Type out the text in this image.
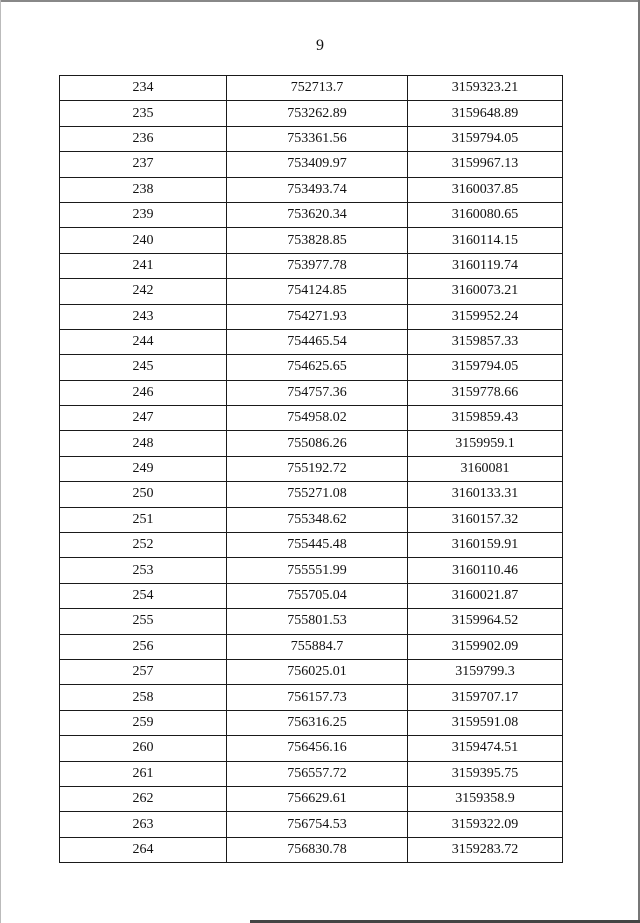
9
234	752713.7	3159323.21
235	753262.89	3159648.89
236	753361.56	3159794.05
237	753409.97	3159967.13
238	753493.74	3160037.85
239	753620.34	3160080.65
240	753828.85	3160114.15
241	753977.78	3160119.74
242	754124.85	3160073.21
243	754271.93	3159952.24
244	754465.54	3159857.33
245	754625.65	3159794.05
246	754757.36	3159778.66
247	754958.02	3159859.43
248	755086.26	3159959.1
249	755192.72	3160081
250	755271.08	3160133.31
251	755348.62	3160157.32
252	755445.48	3160159.91
253	755551.99	3160110.46
254	755705.04	3160021.87
255	755801.53	3159964.52
256	755884.7	3159902.09
257	756025.01	3159799.3
258	756157.73	3159707.17
259	756316.25	3159591.08
260	756456.16	3159474.51
261	756557.72	3159395.75
262	756629.61	3159358.9
263	756754.53	3159322.09
264	756830.78	3159283.72
